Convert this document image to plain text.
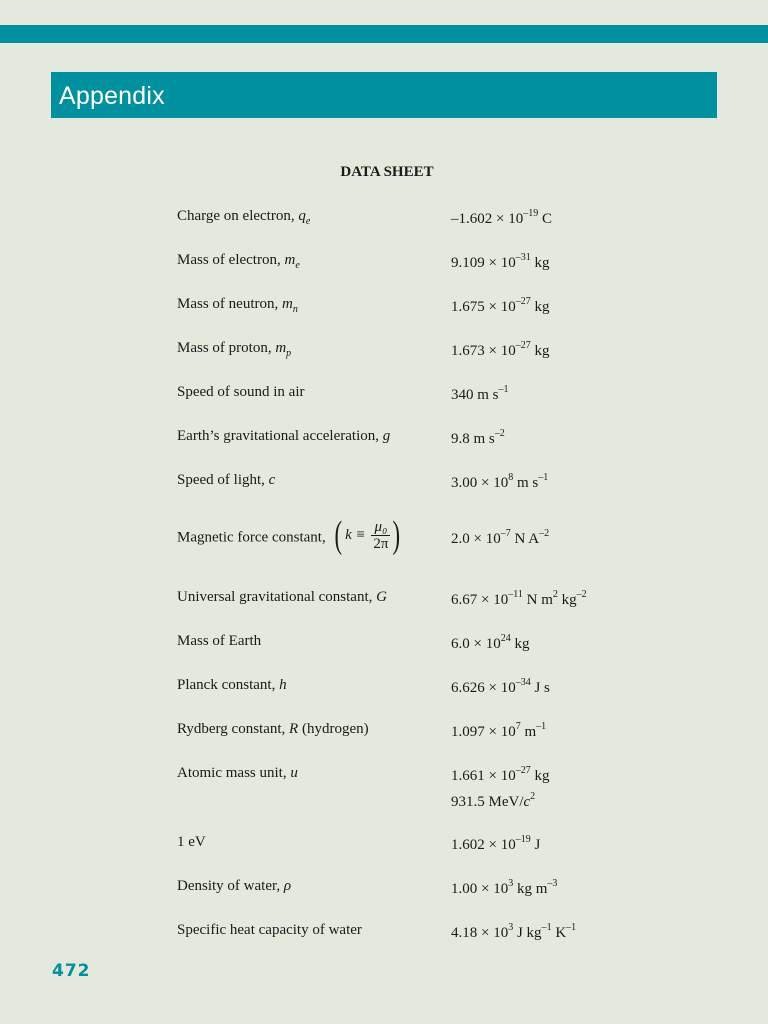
Appendix
DATA SHEET
Charge on electron, $q_e$	$-1.602 \times 10^{-19}$ C
Mass of electron, $m_e$	$9.109 \times 10^{-31}$ kg
Mass of neutron, $m_n$	$1.675 \times 10^{-27}$ kg
Mass of proton, $m_p$	$1.673 \times 10^{-27}$ kg
Speed of sound in air	340 m $s^{-1}$
Earth’s gravitational acceleration, g	9.8 m $s^{-2}$
Speed of light, c	$3.00 \times 10^8$ m $s^{-1}$
Magnetic force constant, ( $k \equiv \frac{\text{μ₀}}{2\pi}$ )	$2.0 \times 10^{-7}$ N $A^{-2}$
Universal gravitational constant, G	$6.67 \times 10^{-11}$ N $m^2$ $kg^{-2}$
Mass of Earth	$6.0 \times 10^{24}$ kg
Planck constant, h	$6.626 \times 10^{-34}$ J s
Rydberg constant, R (hydrogen)	$1.097 \times 10^7$ $m^{-1}$
Atomic mass unit, u	$1.661 \times 10^{-27}$ kg
931.5 MeV/$c^2$
1 eV	$1.602 \times 10^{-19}$ J
Density of water, ρ	$1.00 \times 10^3$ kg $m^{-3}$
Specific heat capacity of water	$4.18 \times 10^3$ J $kg^{-1}$ $K^{-1}$
472
